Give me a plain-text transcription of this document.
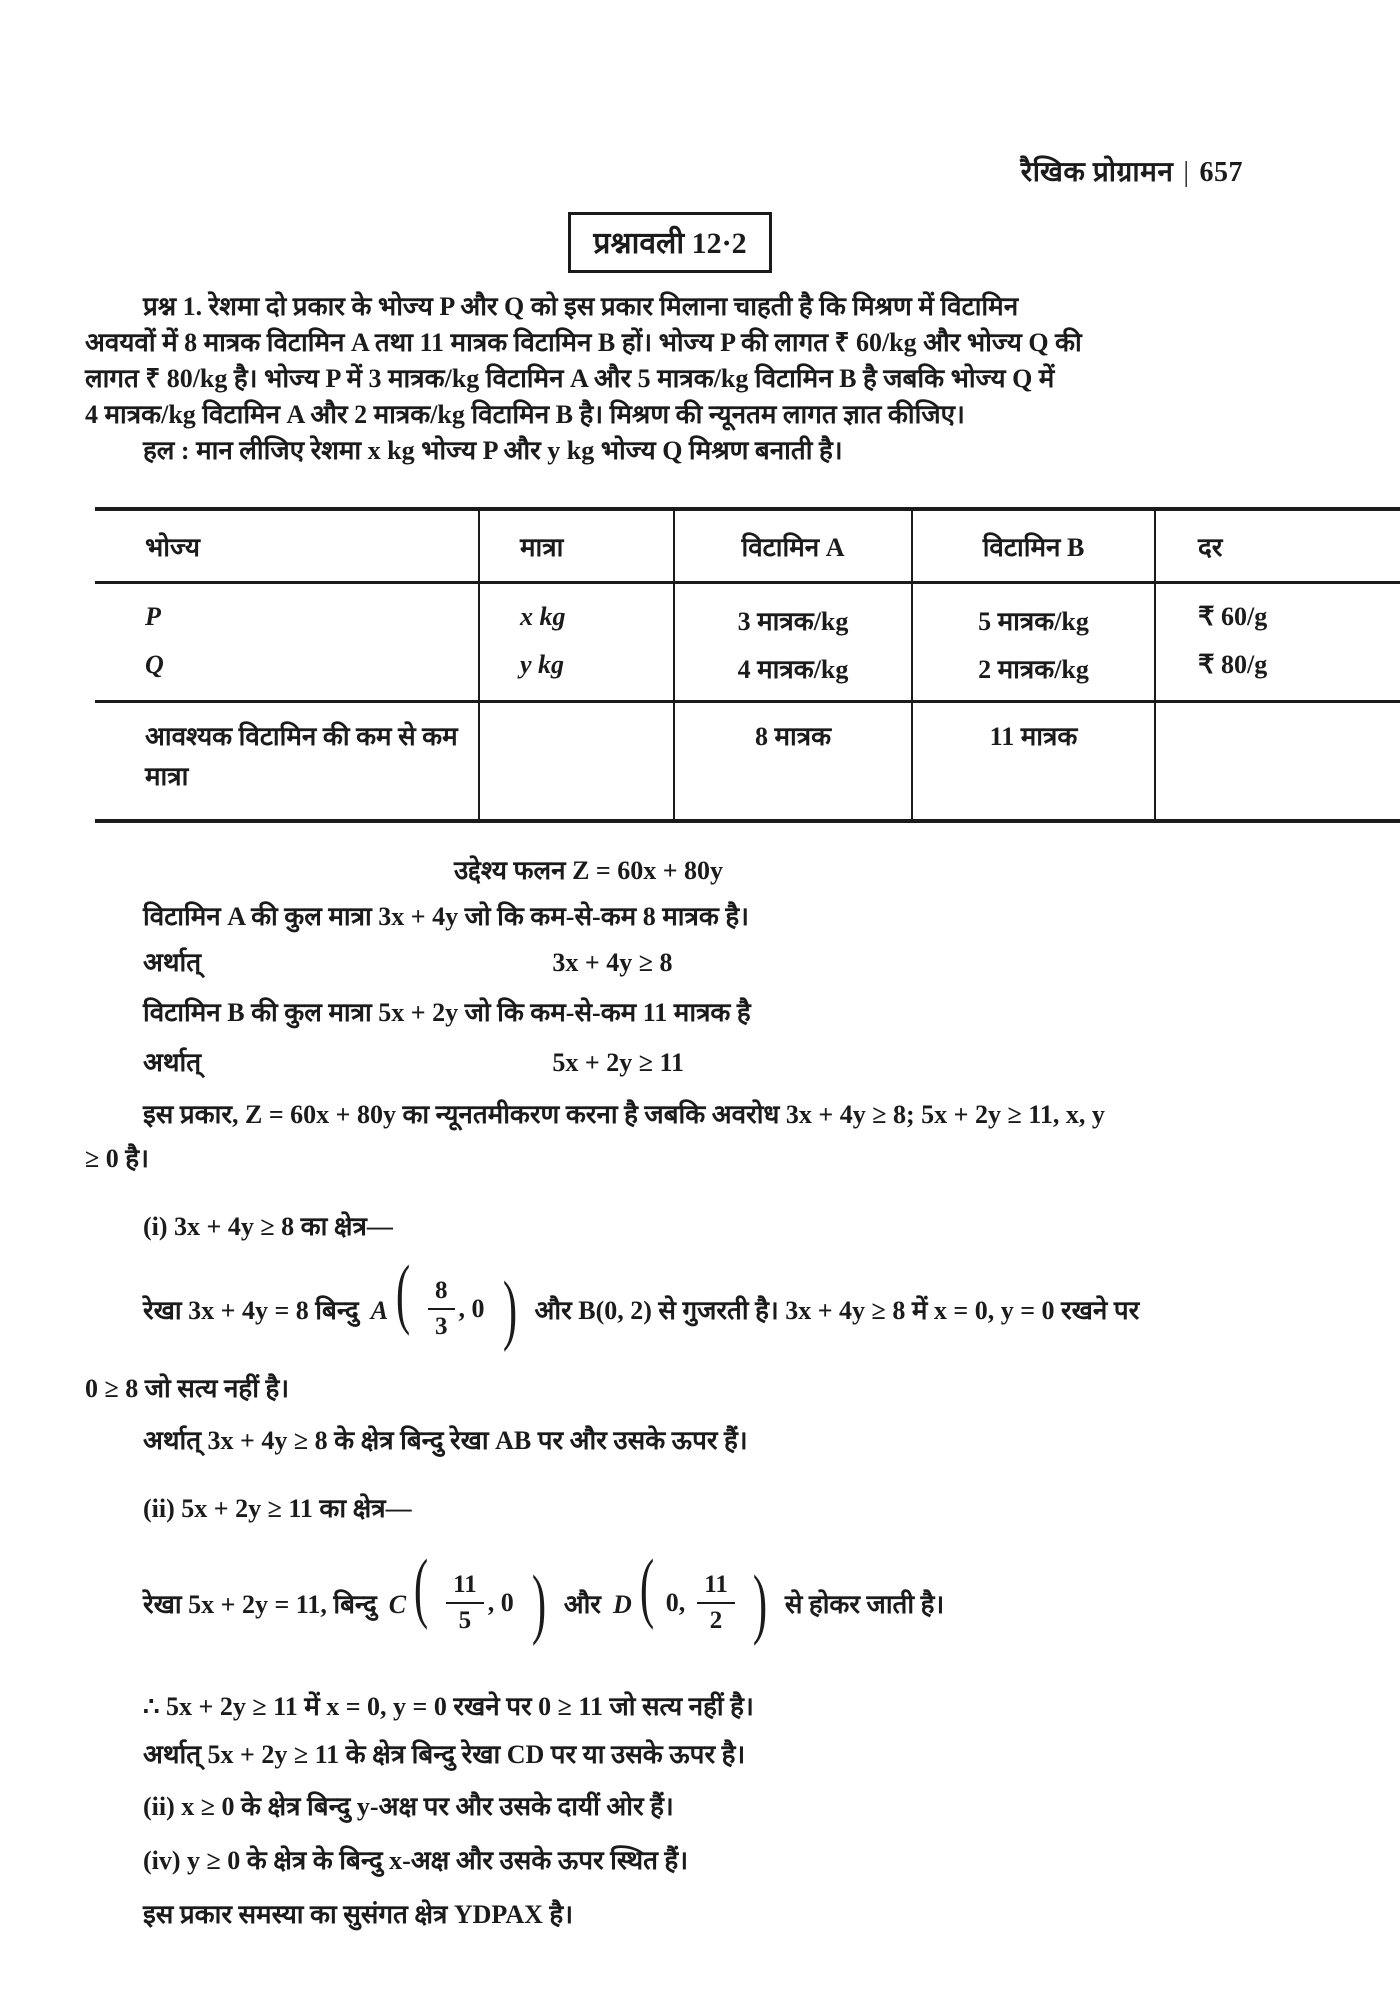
रैखिक प्रोग्रामन | 657
प्रश्नावली 12·2
प्रश्न 1. रेशमा दो प्रकार के भोज्य P और Q को इस प्रकार मिलाना चाहती है कि मिश्रण में विटामिन
अवयवों में 8 मात्रक विटामिन A तथा 11 मात्रक विटामिन B हों। भोज्य P की लागत ₹ 60/kg और भोज्य Q की
लागत ₹ 80/kg है। भोज्य P में 3 मात्रक/kg विटामिन A और 5 मात्रक/kg विटामिन B है जबकि भोज्य Q में
4 मात्रक/kg विटामिन A और 2 मात्रक/kg विटामिन B है। मिश्रण की न्यूनतम लागत ज्ञात कीजिए।
हल : मान लीजिए रेशमा x kg भोज्य P और y kg भोज्य Q मिश्रण बनाती है।
भोज्य	मात्रा	विटामिन A	विटामिन B	दर
P	x kg	3 मात्रक/kg	5 मात्रक/kg	₹ 60/g
Q	y kg	4 मात्रक/kg	2 मात्रक/kg	₹ 80/g
आवश्यक विटामिन की कम से कम मात्रा		8 मात्रक	11 मात्रक	
उद्देश्य फलन Z = 60x + 80y
विटामिन A की कुल मात्रा 3x + 4y जो कि कम-से-कम 8 मात्रक है।
अर्थात्	3x + 4y ≥ 8
विटामिन B की कुल मात्रा 5x + 2y जो कि कम-से-कम 11 मात्रक है
अर्थात्	5x + 2y ≥ 11
इस प्रकार, Z = 60x + 80y का न्यूनतमीकरण करना है जबकि अवरोध 3x + 4y ≥ 8; 5x + 2y ≥ 11, x, y
≥ 0 है।
(i) 3x + 4y ≥ 8 का क्षेत्र—
रेखा 3x + 4y = 8 बिन्दु A ( $\frac{8}{3}$ , 0 ) और B(0, 2) से गुजरती है। 3x + 4y ≥ 8 में x = 0, y = 0 रखने पर
0 ≥ 8 जो सत्य नहीं है।
अर्थात् 3x + 4y ≥ 8 के क्षेत्र बिन्दु रेखा AB पर और उसके ऊपर हैं।
(ii) 5x + 2y ≥ 11 का क्षेत्र—
रेखा 5x + 2y = 11, बिन्दु C ( $\frac{11}{5}$ , 0 ) और D ( 0, $\frac{11}{2}$ ) से होकर जाती है।
∴ 5x + 2y ≥ 11 में x = 0, y = 0 रखने पर 0 ≥ 11 जो सत्य नहीं है।
अर्थात् 5x + 2y ≥ 11 के क्षेत्र बिन्दु रेखा CD पर या उसके ऊपर है।
(ii) x ≥ 0 के क्षेत्र बिन्दु y-अक्ष पर और उसके दायीं ओर हैं।
(iv) y ≥ 0 के क्षेत्र के बिन्दु x-अक्ष और उसके ऊपर स्थित हैं।
इस प्रकार समस्या का सुसंगत क्षेत्र YDPAX है।
